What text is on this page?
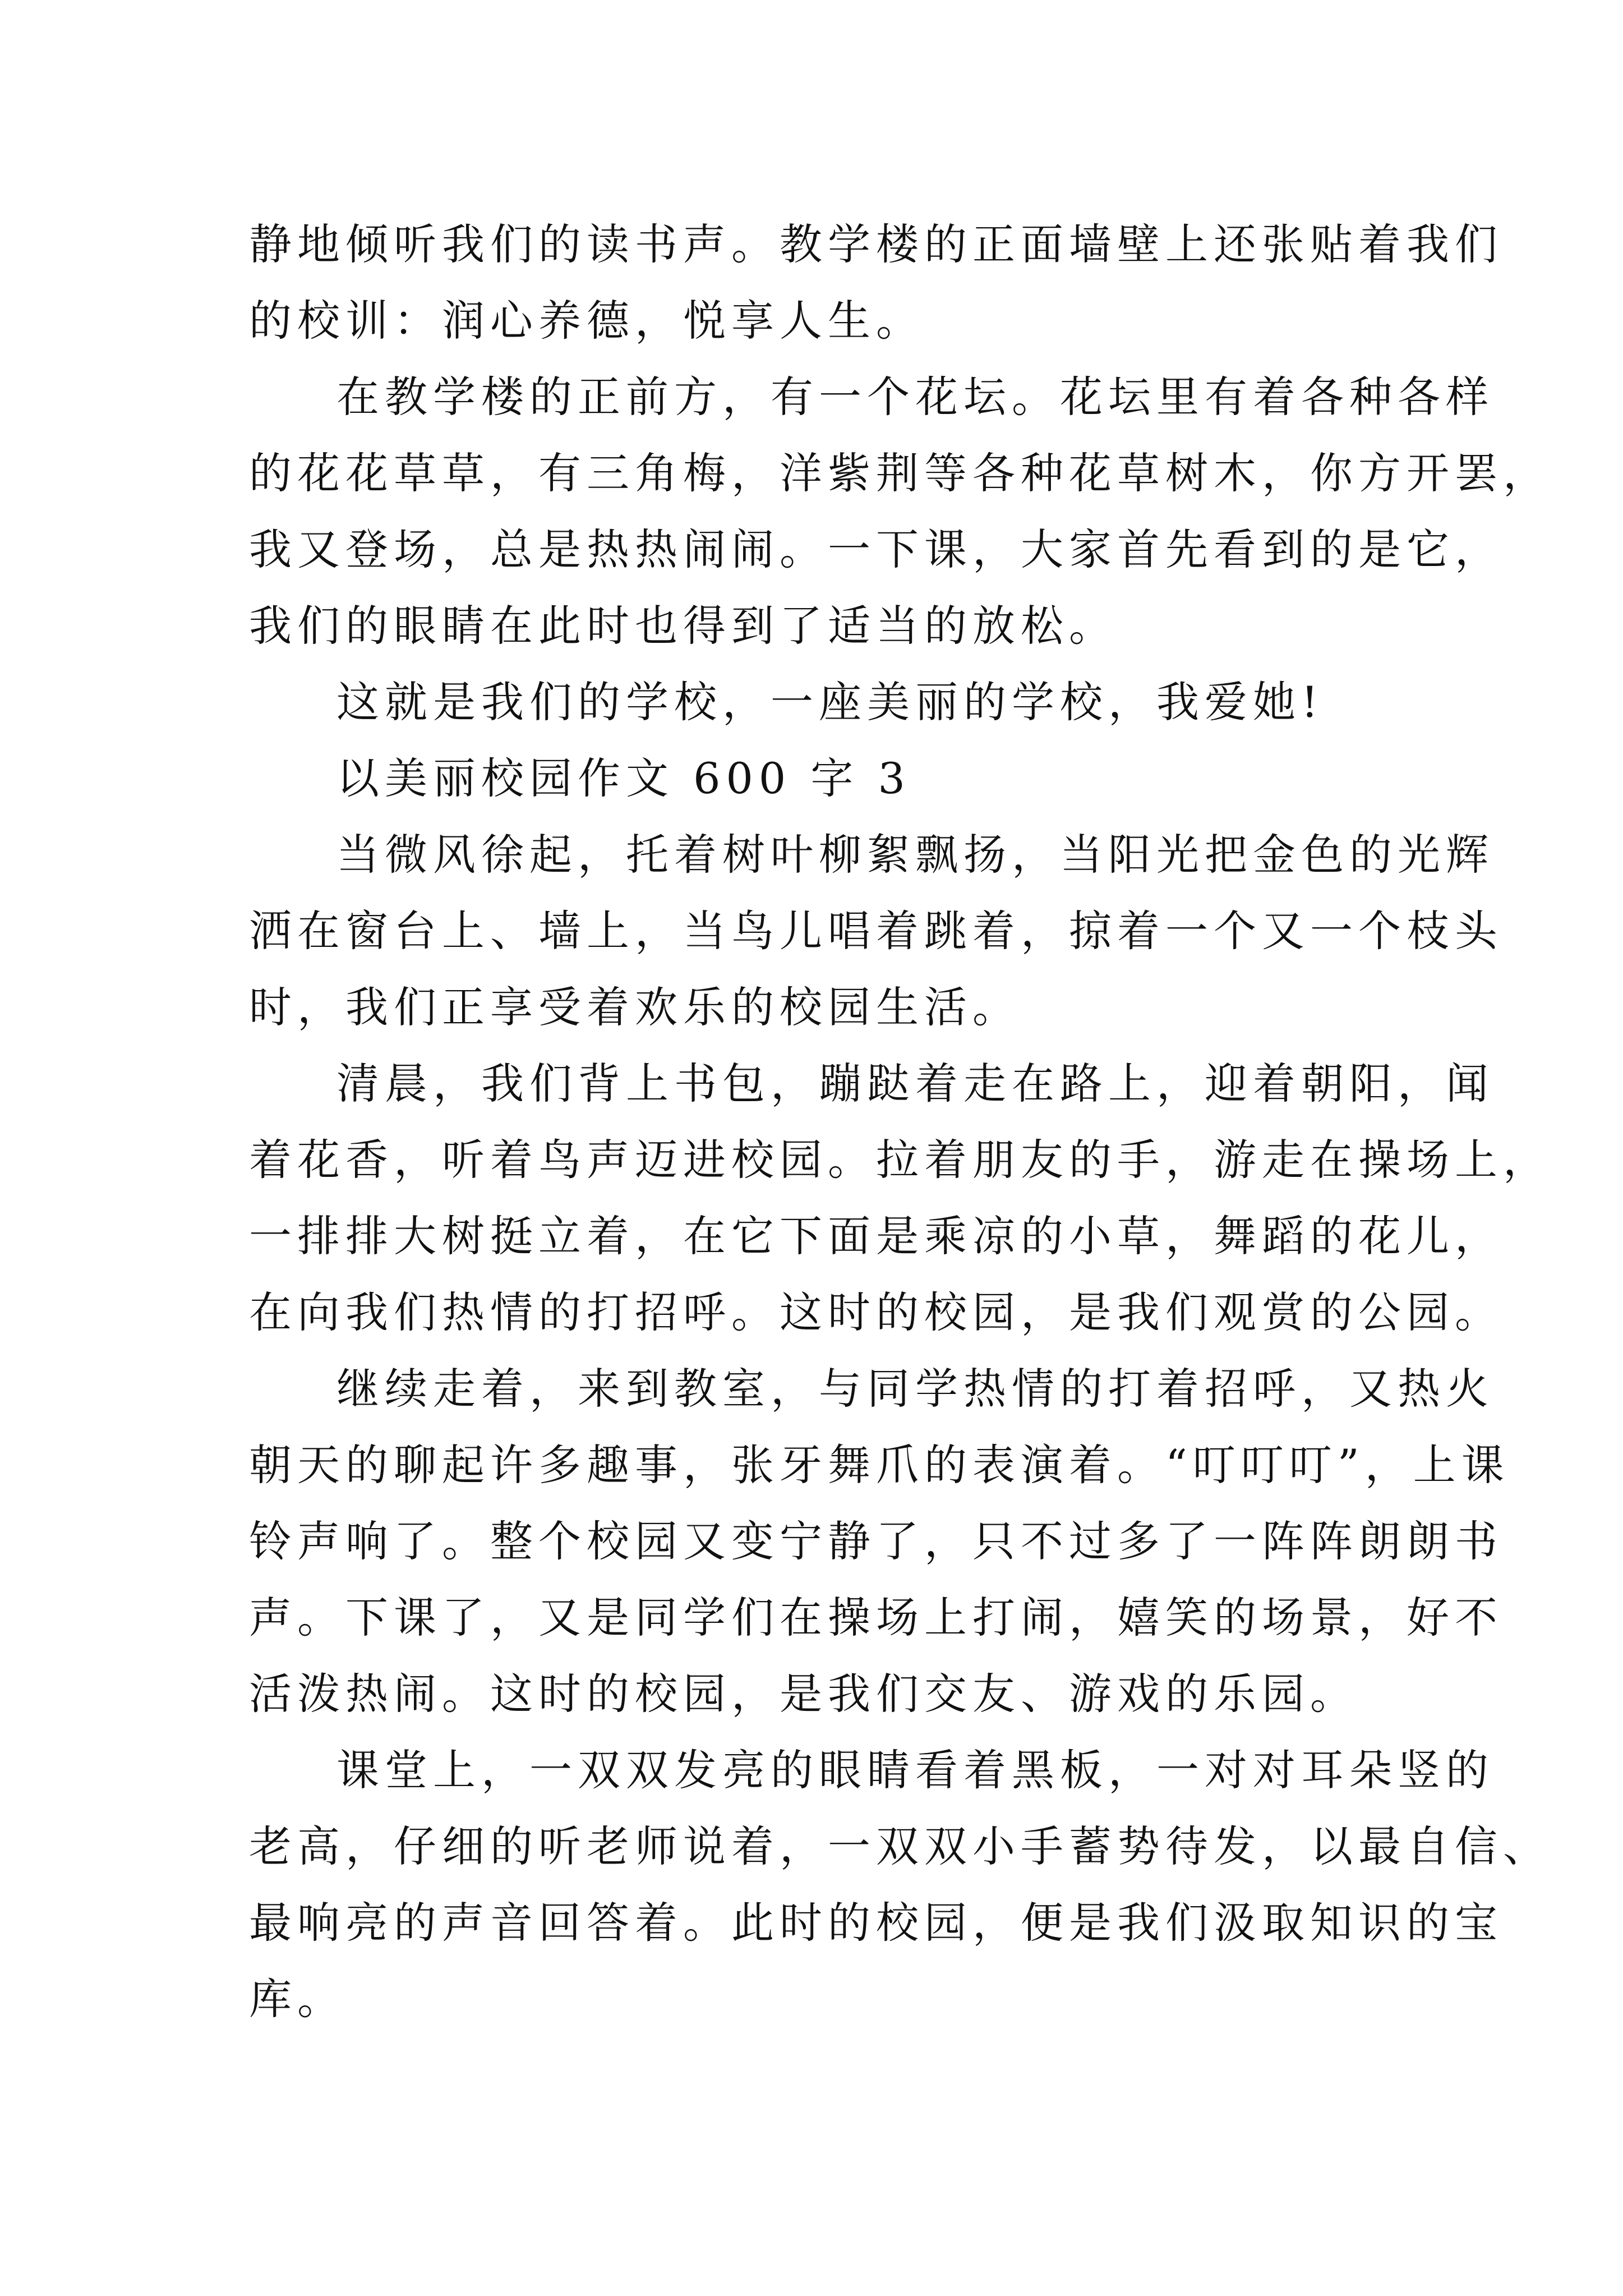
静地倾听我们的读书声。教学楼的正面墙壁上还张贴着我们
的校训：润心养德，悦享人生。
在教学楼的正前方，有一个花坛。花坛里有着各种各样
的花花草草，有三角梅，洋紫荆等各种花草树木，你方开罢，
我又登场，总是热热闹闹。一下课，大家首先看到的是它，
我们的眼睛在此时也得到了适当的放松。
这就是我们的学校，一座美丽的学校，我爱她!
以美丽校园作文 600 字 3
当微风徐起，托着树叶柳絮飘扬，当阳光把金色的光辉
洒在窗台上、墙上，当鸟儿唱着跳着，掠着一个又一个枝头
时，我们正享受着欢乐的校园生活。
清晨，我们背上书包，蹦跶着走在路上，迎着朝阳，闻
着花香，听着鸟声迈进校园。拉着朋友的手，游走在操场上，
一排排大树挺立着，在它下面是乘凉的小草，舞蹈的花儿，
在向我们热情的打招呼。这时的校园，是我们观赏的公园。
继续走着，来到教室，与同学热情的打着招呼，又热火
朝天的聊起许多趣事，张牙舞爪的表演着。“叮叮叮”，上课
铃声响了。整个校园又变宁静了，只不过多了一阵阵朗朗书
声。下课了，又是同学们在操场上打闹，嬉笑的场景，好不
活泼热闹。这时的校园，是我们交友、游戏的乐园。
课堂上，一双双发亮的眼睛看着黑板，一对对耳朵竖的
老高，仔细的听老师说着，一双双小手蓄势待发，以最自信、
最响亮的声音回答着。此时的校园，便是我们汲取知识的宝
库。
